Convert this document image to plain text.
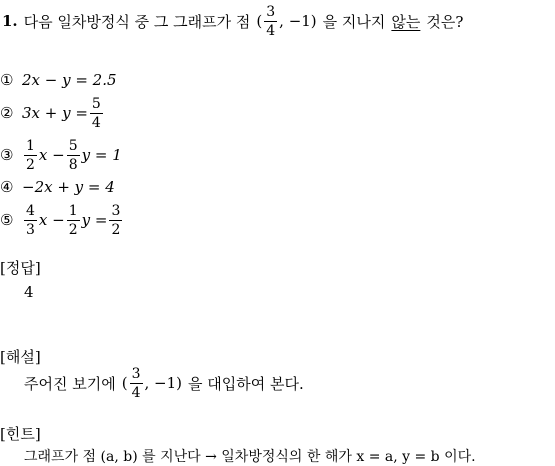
1. 다음 일차방정식 중 그 그래프가 점 ( $\frac{3}{4}$ , −1) 을 지나지 않는 것은?
① 2x − y = 2.5
② $3x + y = \frac{5}{4}$
③ $\frac{1}{2}$ $x - \frac{5}{8}$ y = 1
④ −2x + y = 4
⑤ $\frac{4}{3}$ $x - \frac{1}{2}$ $y = \frac{3}{2}$
[정답]
4
[해설]
주어진 보기에 ( $\frac{3}{4}$ , −1) 을 대입하여 본다.
[힌트]
그래프가 점 (a, b) 를 지난다 → 일차방정식의 한 해가 x = a, y = b 이다.
